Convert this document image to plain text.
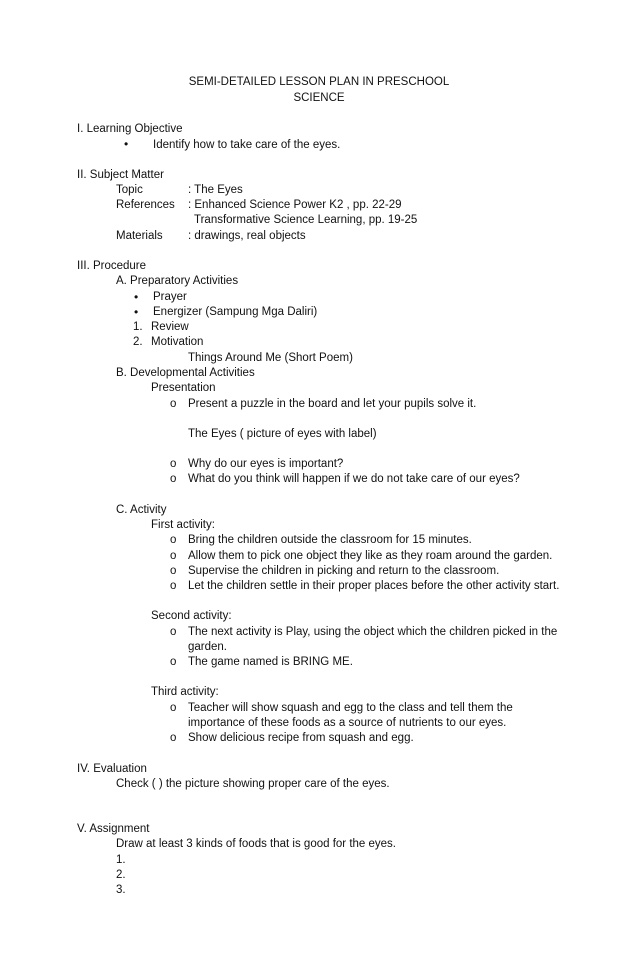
SEMI-DETAILED LESSON PLAN IN PRESCHOOL
SCIENCE
I. Learning Objective
• Identify how to take care of the eyes.
II. Subject Matter
Topic	: The Eyes
References : Enhanced Science Power K2 , pp. 22-29
Transformative Science Learning, pp. 19-25
Materials : drawings, real objects
III. Procedure
A. Preparatory Activities
• Prayer
• Energizer (Sampung Mga Daliri)
1. Review
2. Motivation
Things Around Me (Short Poem)
B. Developmental Activities
Presentation
o Present a puzzle in the board and let your pupils solve it.
The Eyes ( picture of eyes with label)
o Why do our eyes is important?
o What do you think will happen if we do not take care of our eyes?
C. Activity
First activity:
o Bring the children outside the classroom for 15 minutes.
o Allow them to pick one object they like as they roam around the garden.
o Supervise the children in picking and return to the classroom.
o Let the children settle in their proper places before the other activity start.
Second activity:
o The next activity is Play, using the object which the children picked in the
garden.
o The game named is BRING ME.
Third activity:
o Teacher will show squash and egg to the class and tell them the
importance of these foods as a source of nutrients to our eyes.
o Show delicious recipe from squash and egg.
IV. Evaluation
Check ( ) the picture showing proper care of the eyes.
V. Assignment
Draw at least 3 kinds of foods that is good for the eyes.
1.
2.
3.
